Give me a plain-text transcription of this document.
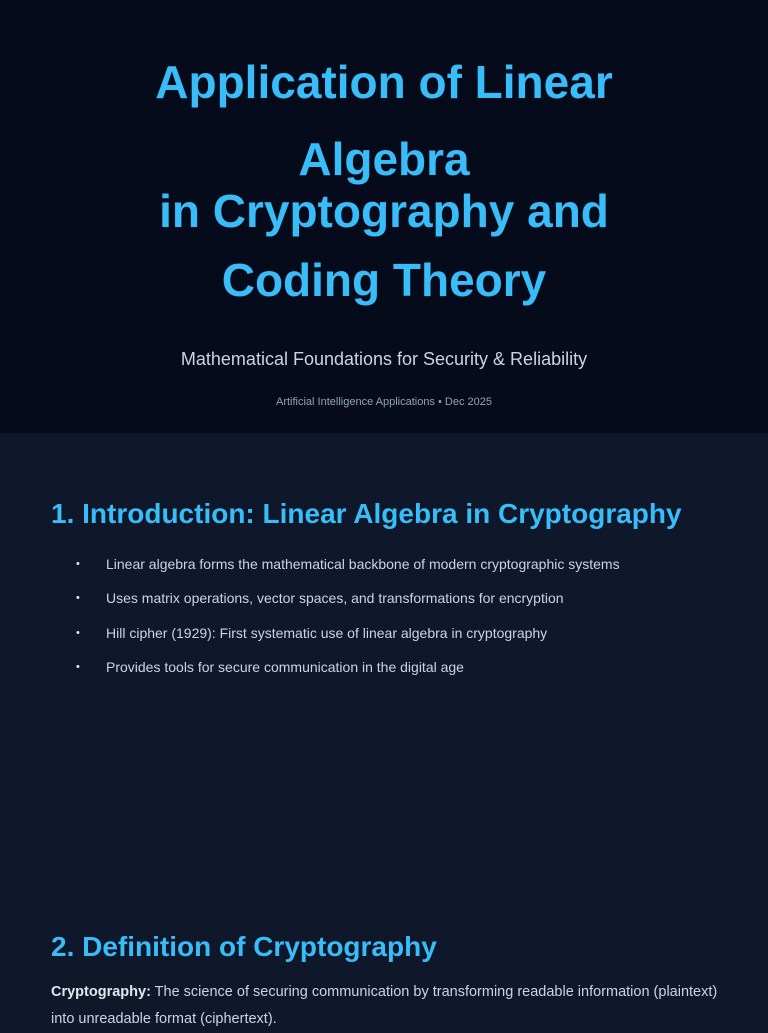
Application of Linear
Algebra
in Cryptography and
Coding Theory

Mathematical Foundations for Security & Reliability

Artificial Intelligence Applications • Dec 2025

1. Introduction: Linear Algebra in Cryptography
• Linear algebra forms the mathematical backbone of modern cryptographic systems
• Uses matrix operations, vector spaces, and transformations for encryption
• Hill cipher (1929): First systematic use of linear algebra in cryptography
• Provides tools for secure communication in the digital age
2. Definition of Cryptography

Cryptography: The science of securing communication by transforming readable information (plaintext) into unreadable format (ciphertext).
